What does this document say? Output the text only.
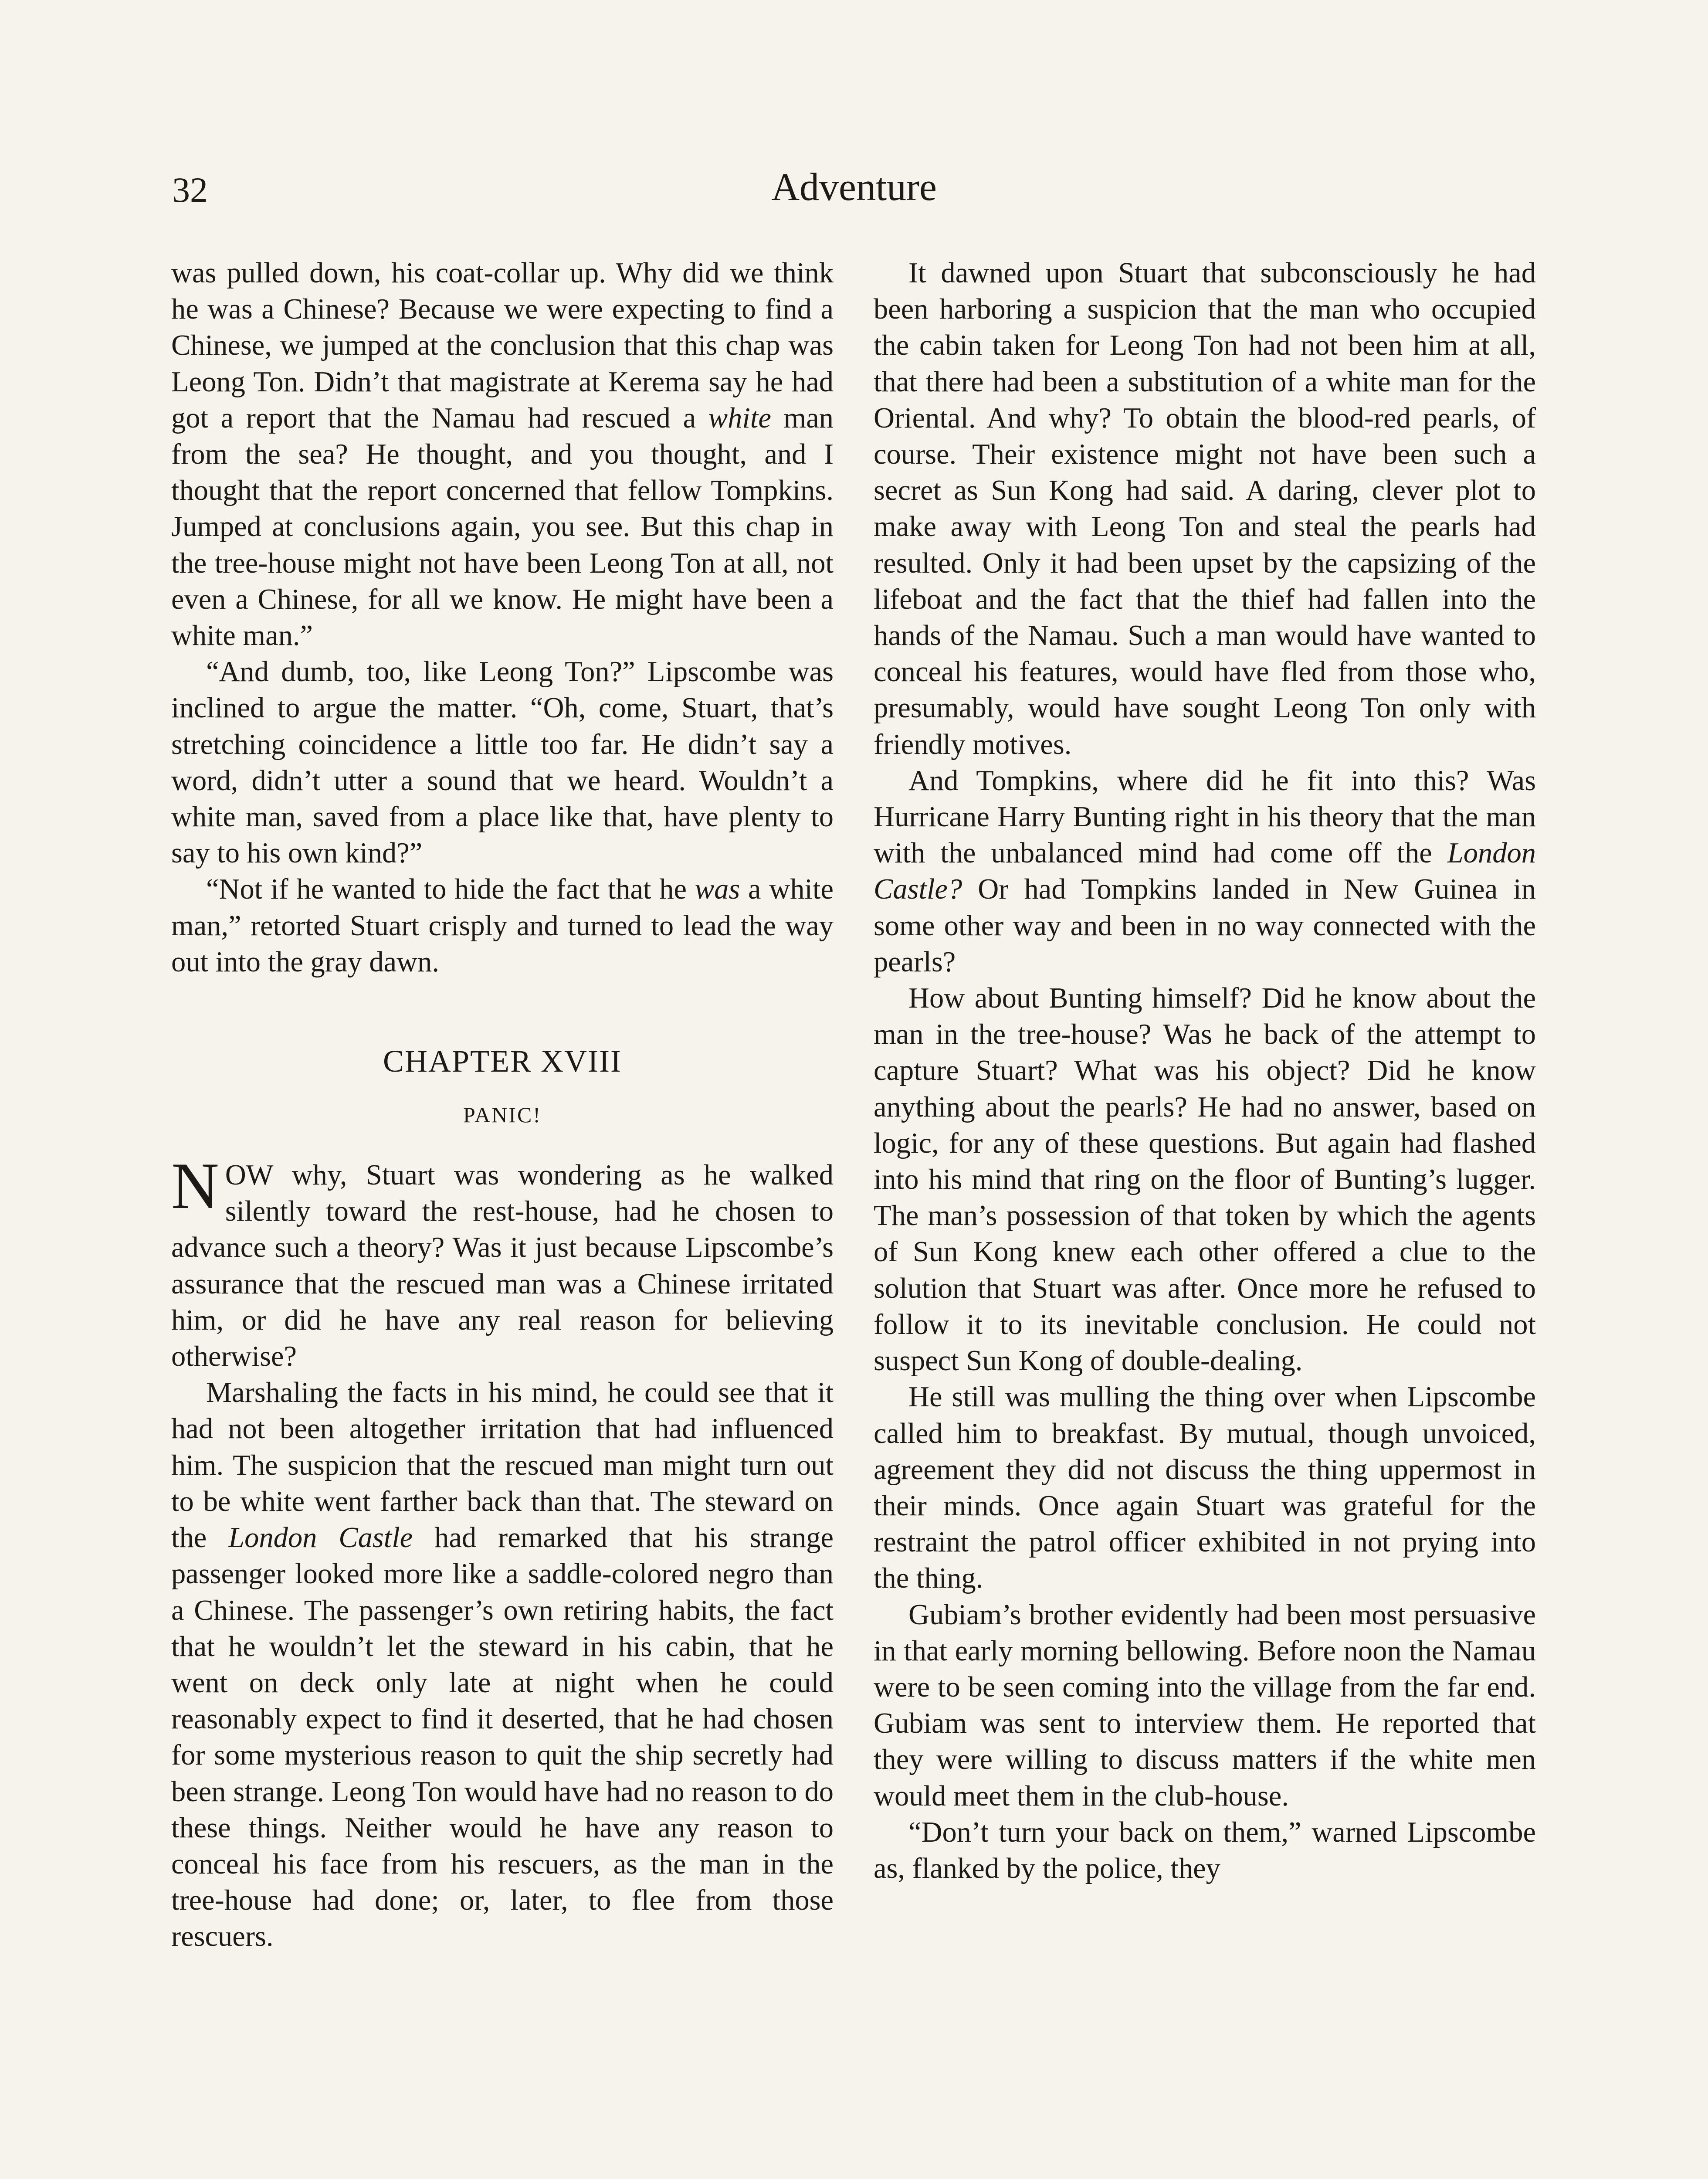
32	Adventure

was pulled down, his coat-collar up. Why did we think he was a Chinese? Because we were expecting to find a Chinese, we jumped at the conclusion that this chap was Leong Ton. Didn’t that magistrate at Kerema say he had got a report that the Namau had rescued a white man from the sea? He thought, and you thought, and I thought that the report concerned that fellow Tompkins. Jumped at conclusions again, you see. But this chap in the tree-house might not have been Leong Ton at all, not even a Chinese, for all we know. He might have been a white man.”

“And dumb, too, like Leong Ton?” Lipscombe was inclined to argue the matter. “Oh, come, Stuart, that’s stretching coincidence a little too far. He didn’t say a word, didn’t utter a sound that we heard. Wouldn’t a white man, saved from a place like that, have plenty to say to his own kind?”

“Not if he wanted to hide the fact that he was a white man,” retorted Stuart crisply and turned to lead the way out into the gray dawn.

CHAPTER XVIII
PANIC!

NOW why, Stuart was wondering as he walked silently toward the rest-house, had he chosen to advance such a theory? Was it just because Lipscombe’s assurance that the rescued man was a Chinese irritated him, or did he have any real reason for believing otherwise?

Marshaling the facts in his mind, he could see that it had not been altogether irritation that had influenced him. The suspicion that the rescued man might turn out to be white went farther back than that. The steward on the London Castle had remarked that his strange passenger looked more like a saddle-colored negro than a Chinese. The passenger’s own retiring habits, the fact that he wouldn’t let the steward in his cabin, that he went on deck only late at night when he could reasonably expect to find it deserted, that he had chosen for some mysterious reason to quit the ship secretly had been strange. Leong Ton would have had no reason to do these things. Neither would he have any reason to conceal his face from his rescuers, as the man in the tree-house had done; or, later, to flee from those rescuers.

It dawned upon Stuart that subconsciously he had been harboring a suspicion that the man who occupied the cabin taken for Leong Ton had not been him at all, that there had been a substitution of a white man for the Oriental. And why? To obtain the blood-red pearls, of course. Their existence might not have been such a secret as Sun Kong had said. A daring, clever plot to make away with Leong Ton and steal the pearls had resulted. Only it had been upset by the capsizing of the lifeboat and the fact that the thief had fallen into the hands of the Namau. Such a man would have wanted to conceal his features, would have fled from those who, presumably, would have sought Leong Ton only with friendly motives.

And Tompkins, where did he fit into this? Was Hurricane Harry Bunting right in his theory that the man with the unbalanced mind had come off the London Castle? Or had Tompkins landed in New Guinea in some other way and been in no way connected with the pearls?

How about Bunting himself? Did he know about the man in the tree-house? Was he back of the attempt to capture Stuart? What was his object? Did he know anything about the pearls? He had no answer, based on logic, for any of these questions. But again had flashed into his mind that ring on the floor of Bunting’s lugger. The man’s possession of that token by which the agents of Sun Kong knew each other offered a clue to the solution that Stuart was after. Once more he refused to follow it to its inevitable conclusion. He could not suspect Sun Kong of double-dealing.

He still was mulling the thing over when Lipscombe called him to breakfast. By mutual, though unvoiced, agreement they did not discuss the thing uppermost in their minds. Once again Stuart was grateful for the restraint the patrol officer exhibited in not prying into the thing.

Gubiam’s brother evidently had been most persuasive in that early morning bellowing. Before noon the Namau were to be seen coming into the village from the far end. Gubiam was sent to interview them. He reported that they were willing to discuss matters if the white men would meet them in the club-house.

“Don’t turn your back on them,” warned Lipscombe as, flanked by the police, they
